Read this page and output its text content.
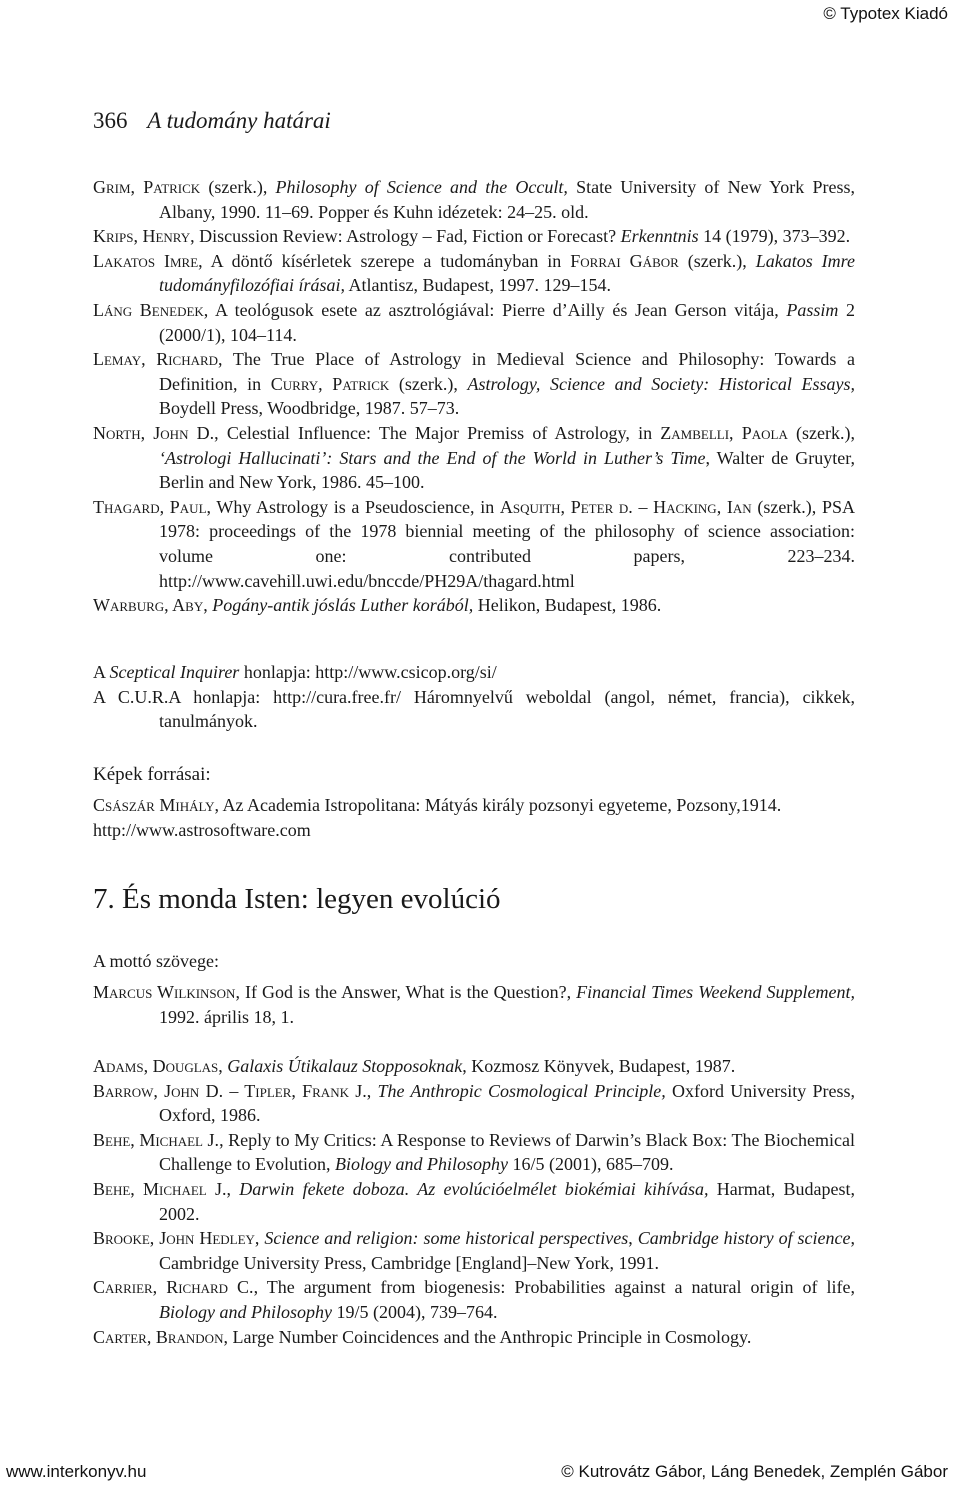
© Typotex Kiadó
366 A tudomány határai

Grim, Patrick (szerk.), Philosophy of Science and the Occult, State University of New York Press, Albany, 1990. 11–69. Popper és Kuhn idézetek: 24–25. old.

Krips, Henry, Discussion Review: Astrology – Fad, Fiction or Forecast? Erkenntnis 14 (1979), 373–392.

Lakatos Imre, A döntő kísérletek szerepe a tudományban in Forrai Gábor (szerk.), Lakatos Imre tudományfilozófiai írásai, Atlantisz, Budapest, 1997. 129–154.

Láng Benedek, A teológusok esete az asztrológiával: Pierre d’Ailly és Jean Gerson vitája, Passim 2 (2000/1), 104–114.

Lemay, Richard, The True Place of Astrology in Medieval Science and Philosophy: Towards a Definition, in Curry, Patrick (szerk.), Astrology, Science and Society: Historical Essays, Boydell Press, Woodbridge, 1987. 57–73.

North, John D., Celestial Influence: The Major Premiss of Astrology, in Zambelli, Paola (szerk.), ‘Astrologi Hallucinati’: Stars and the End of the World in Luther’s Time, Walter de Gruyter, Berlin and New York, 1986. 45–100.

Thagard, Paul, Why Astrology is a Pseudoscience, in Asquith, Peter d. – Hacking, Ian (szerk.), PSA 1978: proceedings of the 1978 biennial meeting of the philosophy of science association: volume one: contributed papers, 223–234. http://www.cavehill.uwi.edu/bnccde/PH29A/thagard.html

Warburg, Aby, Pogány-antik jóslás Luther korából, Helikon, Budapest, 1986.

A Sceptical Inquirer honlapja: http://www.csicop.org/si/

A C.U.R.A honlapja: http://cura.free.fr/ Háromnyelvű weboldal (angol, német, francia), cikkek, tanulmányok.

Képek forrásai:

Császár Mihály, Az Academia Istropolitana: Mátyás király pozsonyi egyeteme, Pozsony,1914.

http://www.astrosoftware.com

7. És monda Isten: legyen evolúció
A mottó szövege:

Marcus Wilkinson, If God is the Answer, What is the Question?, Financial Times Weekend Supplement, 1992. április 18, 1.

Adams, Douglas, Galaxis Útikalauz Stopposoknak, Kozmosz Könyvek, Budapest, 1987.

Barrow, John D. – Tipler, Frank J., The Anthropic Cosmological Principle, Oxford University Press, Oxford, 1986.

Behe, Michael J., Reply to My Critics: A Response to Reviews of Darwin’s Black Box: The Biochemical Challenge to Evolution, Biology and Philosophy 16/5 (2001), 685–709.

Behe, Michael J., Darwin fekete doboza. Az evolúcióelmélet biokémiai kihívása, Harmat, Budapest, 2002.

Brooke, John Hedley, Science and religion: some historical perspectives, Cambridge history of science, Cambridge University Press, Cambridge [England]–New York, 1991.

Carrier, Richard C., The argument from biogenesis: Probabilities against a natural origin of life, Biology and Philosophy 19/5 (2004), 739–764.

Carter, Brandon, Large Number Coincidences and the Anthropic Principle in Cosmology.

www.interkonyv.hu	© Kutrovátz Gábor, Láng Benedek, Zemplén Gábor
